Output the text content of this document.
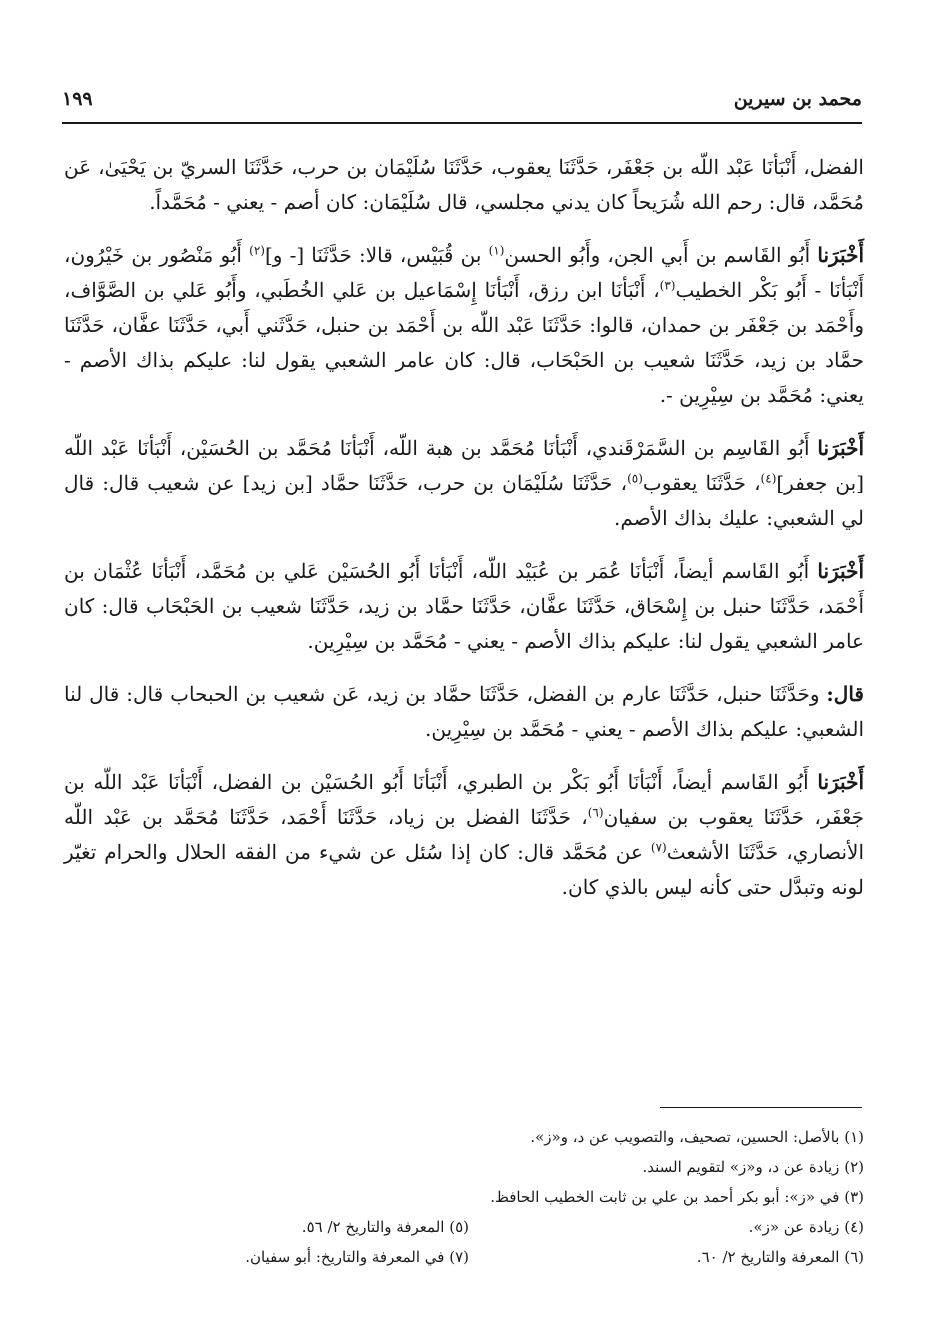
محمد بن سيرين
١٩٩

الفضل، أَنْبَأنَا عَبْد اللّه بن جَعْفَر، حَدَّثَنَا يعقوب، حَدَّثَنَا سُلَيْمَان بن حرب، حَدَّثَنَا السريّ بن يَحْيَىٰ، عَن مُحَمَّد، قال: رحم الله شُرَيحاً كان يدني مجلسي، قال سُلَيْمَان: كان أصم - يعني - مُحَمَّداً.

أَخْبَرَنا أَبُو القَاسم بن أَبي الجن، وأَبُو الحسن$^{(١)}$ بن قُبَيْس، قالا: حَدَّثَنَا [- و]$^{(٢)}$ أَبُو مَنْصُور بن خَيْرُون، أَنْبَأنَا - أَبُو بَكْر الخطيب$^{(٣)}$، أَنْبَأنَا ابن رزق، أَنْبَأنَا إِسْمَاعيل بن عَلي الخُطَبي، وأَبُو عَلي بن الصَّوَّاف، وأَحْمَد بن جَعْفَر بن حمدان، قالوا: حَدَّثَنَا عَبْد اللّه بن أَحْمَد بن حنبل، حَدَّثَني أَبي، حَدَّثَنَا عفَّان، حَدَّثَنَا حمَّاد بن زيد، حَدَّثَنَا شعيب بن الحَبْحَاب، قال: كان عامر الشعبي يقول لنا: عليكم بذاك الأصم - يعني: مُحَمَّد بن سِيْرِين -.

أَخْبَرَنا أَبُو القَاسِم بن السَّمَرْقَندي، أَنْبَأنَا مُحَمَّد بن هبة اللّه، أَنْبَأنَا مُحَمَّد بن الحُسَيْن، أَنْبَأنَا عَبْد اللّه [بن جعفر]$^{(٤)}$، حَدَّثَنَا يعقوب$^{(٥)}$، حَدَّثَنَا سُلَيْمَان بن حرب، حَدَّثَنَا حمَّاد [بن زيد] عن شعيب قال: قال لي الشعبي: عليك بذاك الأصم.

أَخْبَرَنا أَبُو القَاسم أيضاً، أَنْبَأنَا عُمَر بن عُبَيْد اللّه، أَنْبَأنَا أَبُو الحُسَيْن عَلي بن مُحَمَّد، أَنْبَأنَا عُثْمَان بن أَحْمَد، حَدَّثَنَا حنبل بن إِسْحَاق، حَدَّثَنَا عفَّان، حَدَّثَنَا حمَّاد بن زيد، حَدَّثَنَا شعيب بن الحَبْحَاب قال: كان عامر الشعبي يقول لنا: عليكم بذاك الأصم - يعني - مُحَمَّد بن سِيْرِين.

قال: وحَدَّثَنَا حنبل، حَدَّثَنَا عارم بن الفضل، حَدَّثَنَا حمَّاد بن زيد، عَن شعيب بن الحبحاب قال: قال لنا الشعبي: عليكم بذاك الأصم - يعني - مُحَمَّد بن سِيْرِين.

أَخْبَرَنا أَبُو القَاسم أيضاً، أَنْبَأنَا أَبُو بَكْر بن الطبري، أَنْبَأنَا أَبُو الحُسَيْن بن الفضل، أَنْبَأنَا عَبْد اللّه بن جَعْفَر، حَدَّثَنَا يعقوب بن سفيان$^{(٦)}$، حَدَّثَنَا الفضل بن زياد، حَدَّثَنَا أَحْمَد، حَدَّثَنَا مُحَمَّد بن عَبْد اللّه الأنصاري، حَدَّثَنَا الأشعث$^{(٧)}$ عن مُحَمَّد قال: كان إذا سُئل عن شيء من الفقه الحلال والحرام تغيّر لونه وتبدَّل حتى كأنه ليس بالذي كان.

(١) بالأصل: الحسين، تصحيف، والتصويب عن د، و«ز».
(٢) زيادة عن د، و«ز» لتقويم السند.
(٣) في «ز»: أبو بكر أحمد بن علي بن ثابت الخطيب الحافظ.
(٤) زيادة عن «ز».(٥) المعرفة والتاريخ ٢/ ٥٦.
(٦) المعرفة والتاريخ ٢/ ٦٠.(٧) في المعرفة والتاريخ: أبو سفيان.
